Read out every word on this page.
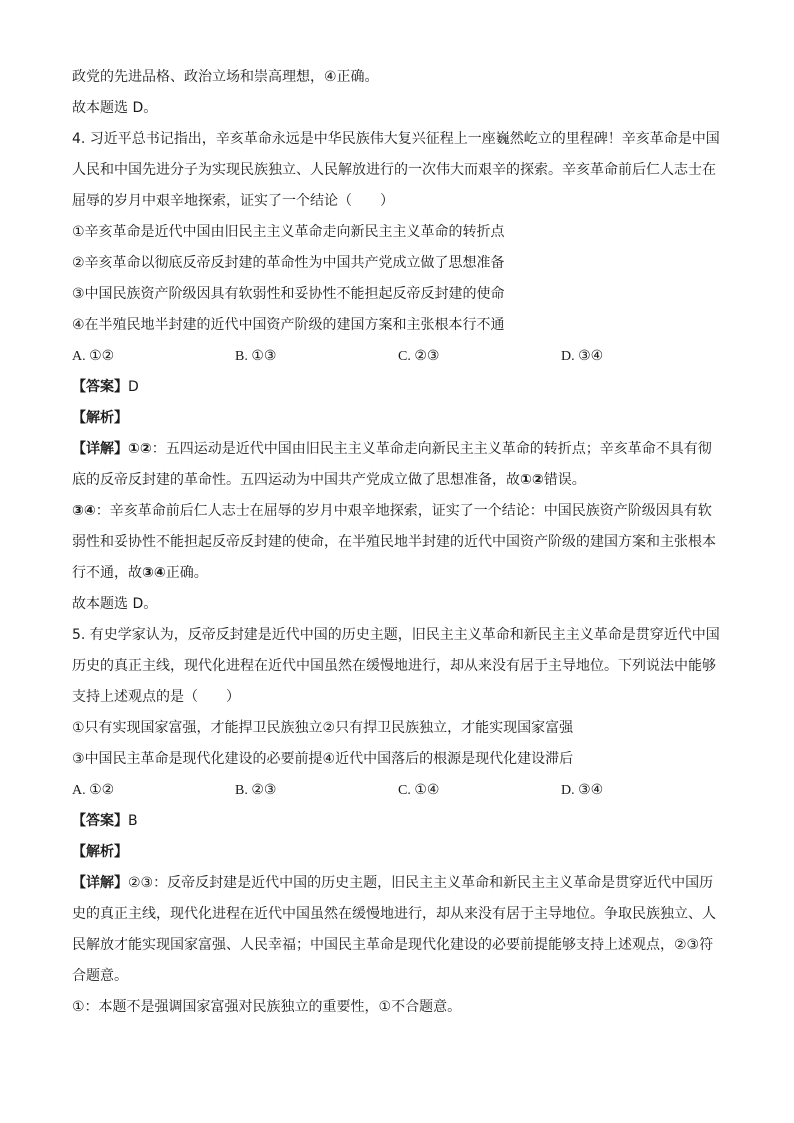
政党的先进品格、政治立场和崇高理想，④正确。
故本题选 D。
4. 习近平总书记指出，辛亥革命永远是中华民族伟大复兴征程上一座巍然屹立的里程碑！辛亥革命是中国
人民和中国先进分子为实现民族独立、人民解放进行的一次伟大而艰辛的探索。辛亥革命前后仁人志士在
屈辱的岁月中艰辛地探索，证实了一个结论（　　）
①辛亥革命是近代中国由旧民主主义革命走向新民主主义革命的转折点
②辛亥革命以彻底反帝反封建的革命性为中国共产党成立做了思想准备
③中国民族资产阶级因具有软弱性和妥协性不能担起反帝反封建的使命
④在半殖民地半封建的近代中国资产阶级的建国方案和主张根本行不通
A. ①②	B. ①③	C. ②③	D. ③④
【答案】D
【解析】
【详解】①②：五四运动是近代中国由旧民主主义革命走向新民主主义革命的转折点；辛亥革命不具有彻
底的反帝反封建的革命性。五四运动为中国共产党成立做了思想准备，故①②错误。
③④：辛亥革命前后仁人志士在屈辱的岁月中艰辛地探索，证实了一个结论：中国民族资产阶级因具有软
弱性和妥协性不能担起反帝反封建的使命，在半殖民地半封建的近代中国资产阶级的建国方案和主张根本
行不通，故③④正确。
故本题选 D。
5. 有史学家认为，反帝反封建是近代中国的历史主题，旧民主主义革命和新民主主义革命是贯穿近代中国
历史的真正主线，现代化进程在近代中国虽然在缓慢地进行，却从来没有居于主导地位。下列说法中能够
支持上述观点的是（　　）
①只有实现国家富强，才能捍卫民族独立②只有捍卫民族独立，才能实现国家富强
③中国民主革命是现代化建设的必要前提④近代中国落后的根源是现代化建设滞后
A. ①②	B. ②③	C. ①④	D. ③④
【答案】B
【解析】
【详解】②③：反帝反封建是近代中国的历史主题，旧民主主义革命和新民主主义革命是贯穿近代中国历
史的真正主线，现代化进程在近代中国虽然在缓慢地进行，却从来没有居于主导地位。争取民族独立、人
民解放才能实现国家富强、人民幸福；中国民主革命是现代化建设的必要前提能够支持上述观点，②③符
合题意。
①：本题不是强调国家富强对民族独立的重要性，①不合题意。
